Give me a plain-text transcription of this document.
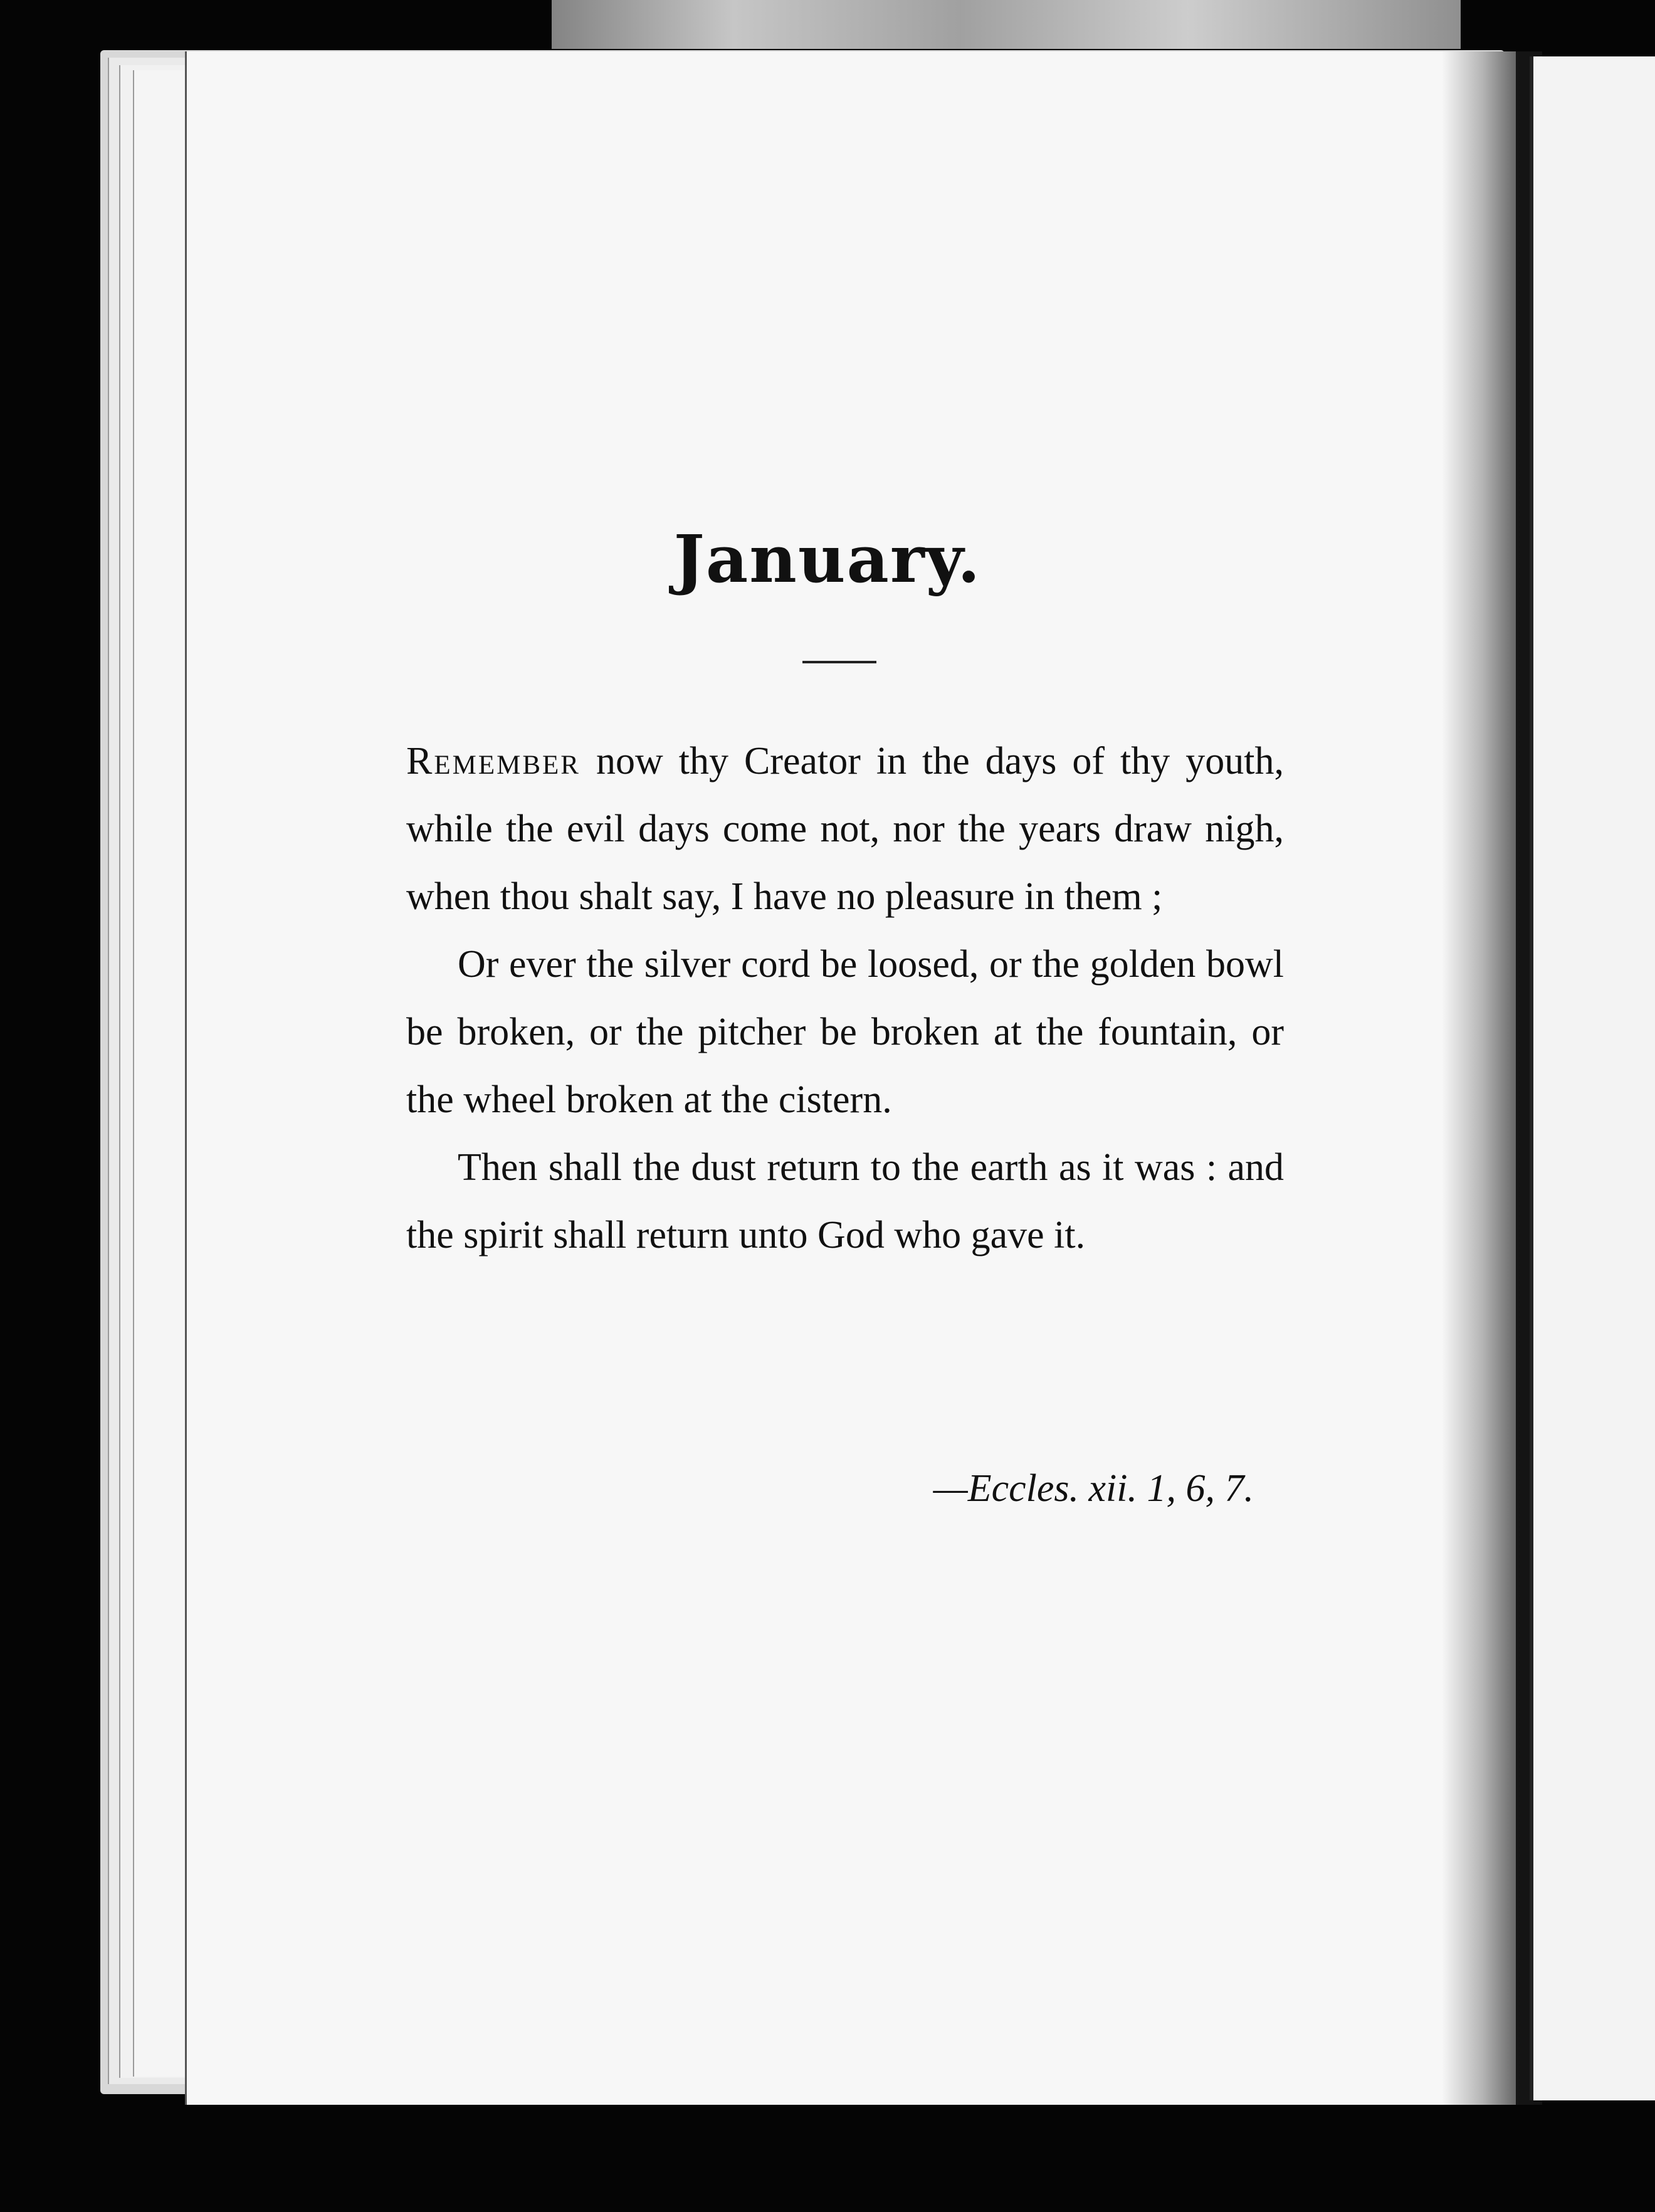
January.

Remember now thy Creator in the days of thy youth, while the evil days come not, nor the years draw nigh, when thou shalt say, I have no pleasure in them ;

Or ever the silver cord be loosed, or the golden bowl be broken, or the pitcher be broken at the fountain, or the wheel broken at the cistern.

Then shall the dust return to the earth as it was : and the spirit shall return unto God who gave it.

—Eccles. xii. 1, 6, 7.
